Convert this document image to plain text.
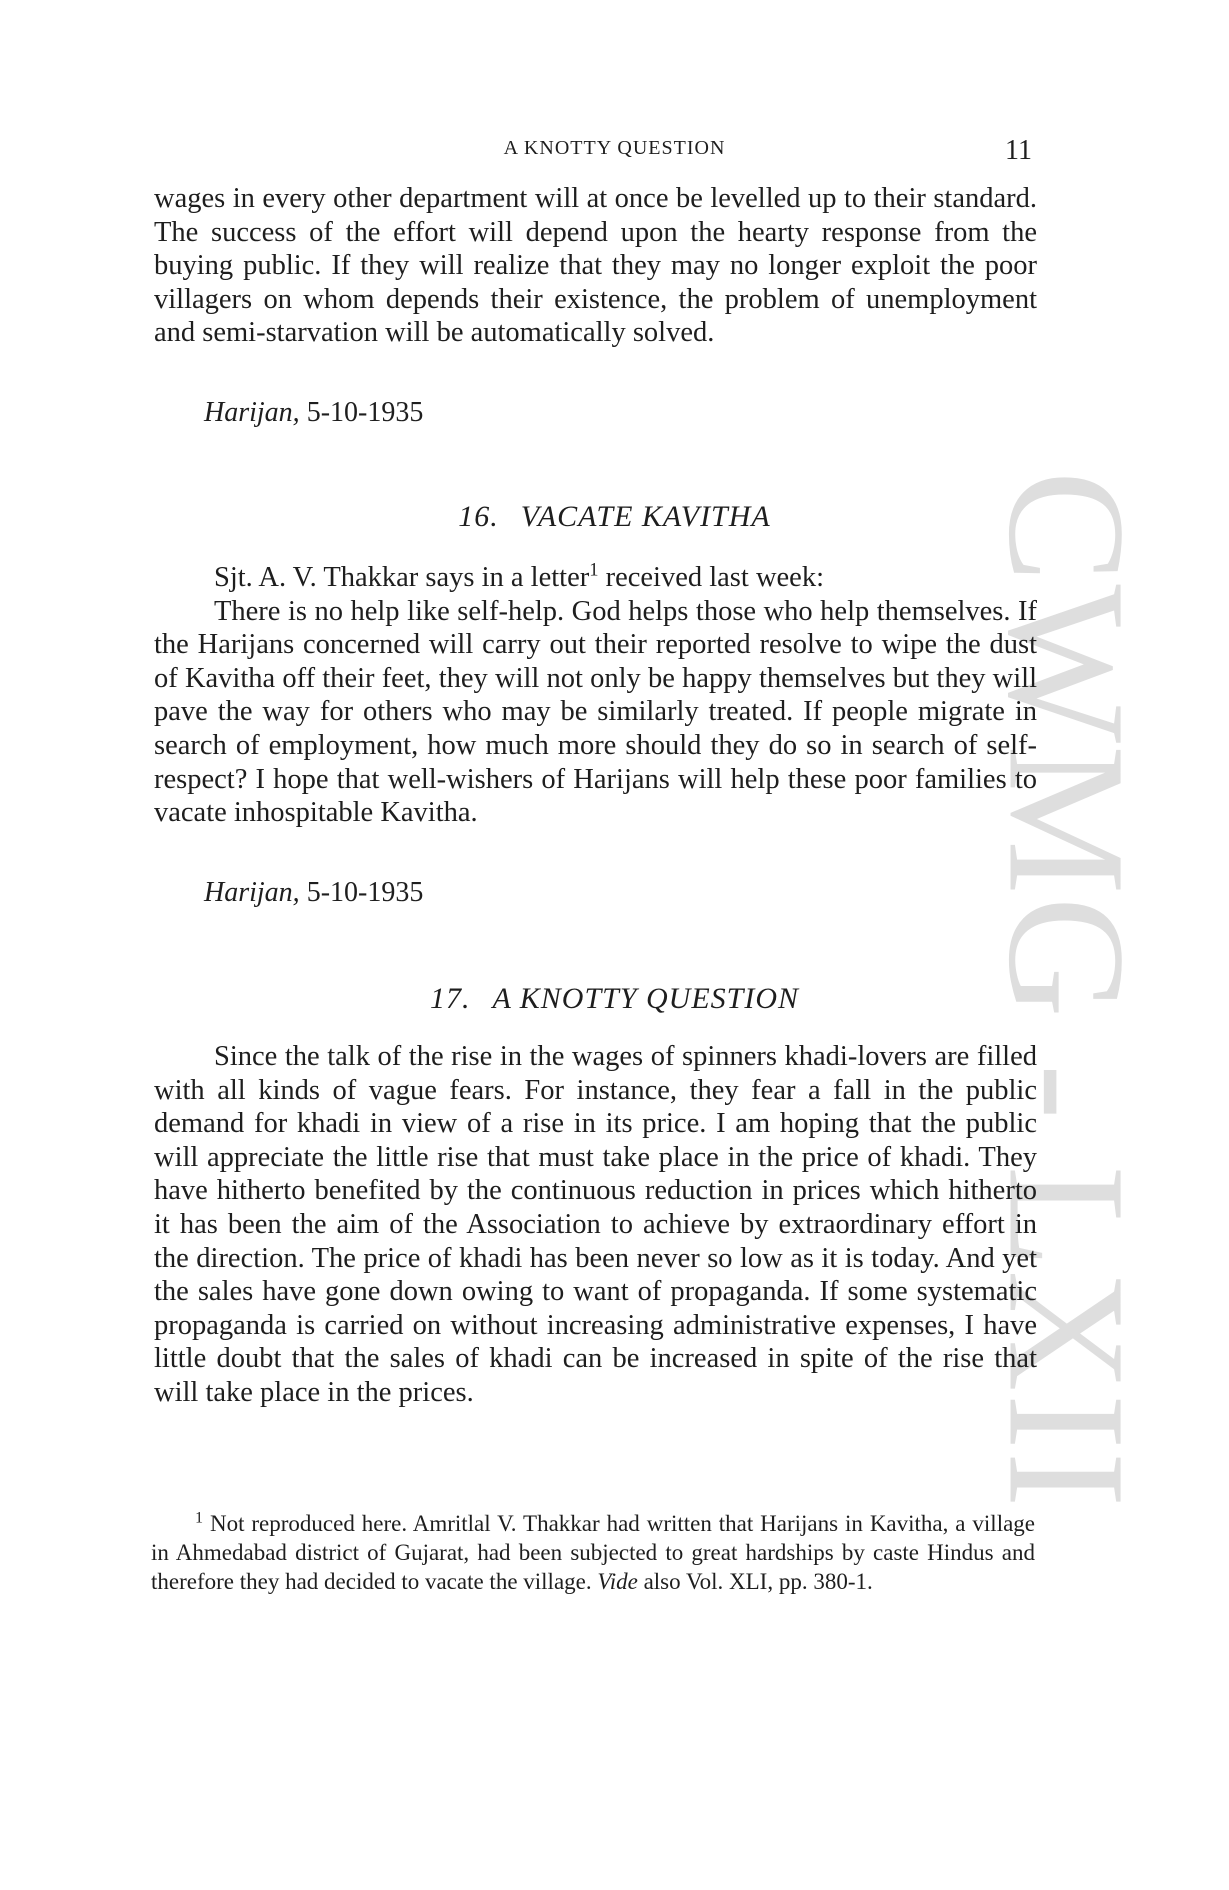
CWMG - LXII
A KNOTTY QUESTION	11

wages in every other department will at once be levelled up to their standard. The success of the effort will depend upon the hearty response from the buying public. If they will realize that they may no longer exploit the poor villagers on whom depends their existence, the problem of unemployment and semi-starvation will be automatically solved.

Harijan, 5-10-1935
16. VACATE KAVITHA

Sjt. A. V. Thakkar says in a letter$^1$ received last week:

There is no help like self-help. God helps those who help themselves. If the Harijans concerned will carry out their reported resolve to wipe the dust of Kavitha off their feet, they will not only be happy themselves but they will pave the way for others who may be similarly treated. If people migrate in search of employment, how much more should they do so in search of self-respect? I hope that well-wishers of Harijans will help these poor families to vacate inhospitable Kavitha.

Harijan, 5-10-1935
17. A KNOTTY QUESTION

Since the talk of the rise in the wages of spinners khadi-lovers are filled with all kinds of vague fears. For instance, they fear a fall in the public demand for khadi in view of a rise in its price. I am hoping that the public will appreciate the little rise that must take place in the price of khadi. They have hitherto benefited by the continuous reduction in prices which hitherto it has been the aim of the Association to achieve by extraordinary effort in the direction. The price of khadi has been never so low as it is today. And yet the sales have gone down owing to want of propaganda. If some systematic propaganda is carried on without increasing administrative expenses, I have little doubt that the sales of khadi can be increased in spite of the rise that will take place in the prices.

$^1$ Not reproduced here. Amritlal V. Thakkar had written that Harijans in Kavitha, a village in Ahmedabad district of Gujarat, had been subjected to great hardships by caste Hindus and therefore they had decided to vacate the village. Vide also Vol. XLI, pp. 380-1.
